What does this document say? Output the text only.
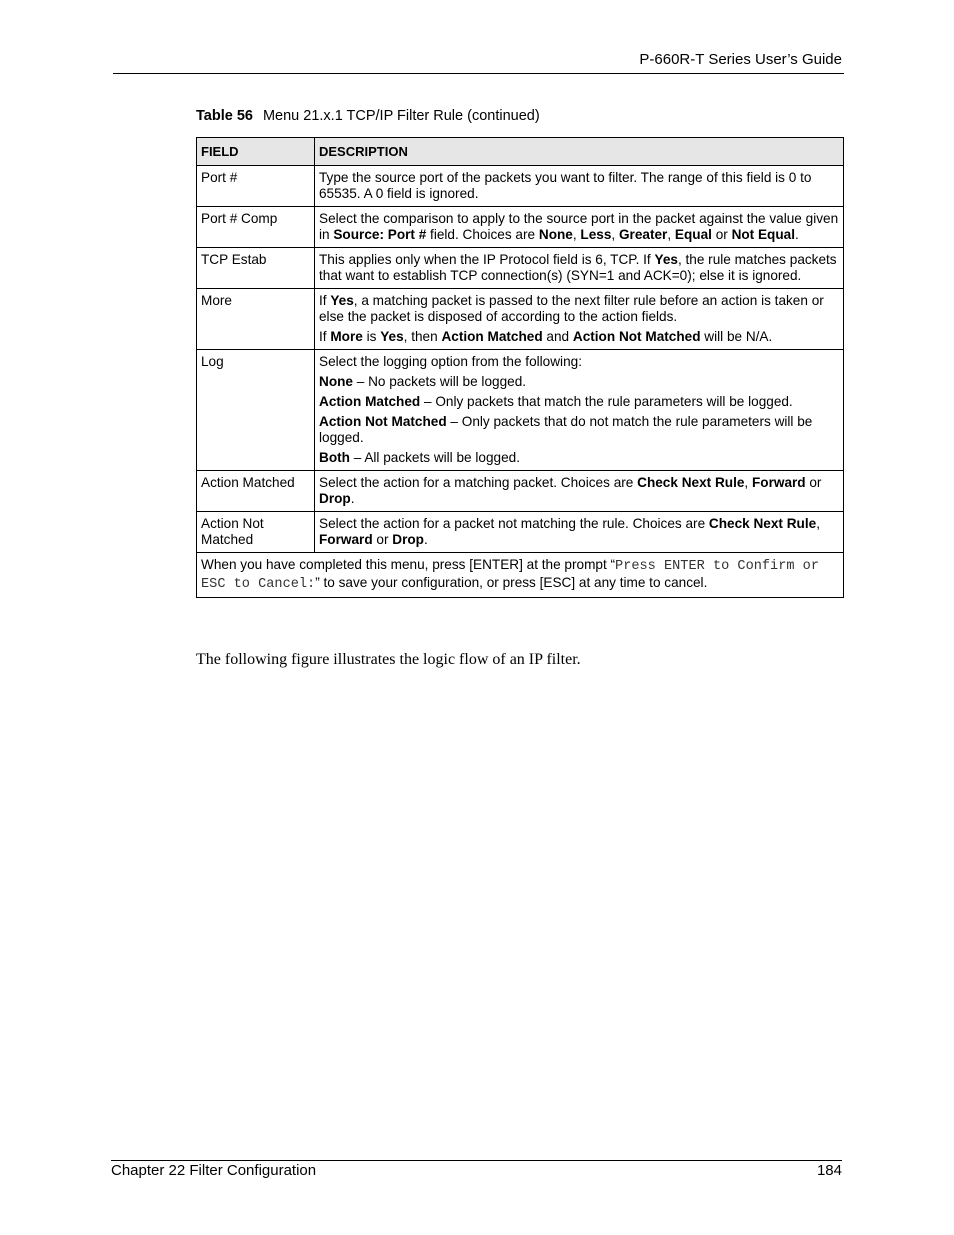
P-660R-T Series User’s Guide
Table 56 Menu 21.x.1 TCP/IP Filter Rule (continued)
FIELD	DESCRIPTION
Port #	Type the source port of the packets you want to filter. The range of this field is 0 to 65535. A 0 field is ignored.

Port # Comp	Select the comparison to apply to the source port in the packet against the value given in Source: Port # field. Choices are None, Less, Greater, Equal or Not Equal.

TCP Estab	This applies only when the IP Protocol field is 6, TCP. If Yes, the rule matches packets that want to establish TCP connection(s) (SYN=1 and ACK=0); else it is ignored.

More	If Yes, a matching packet is passed to the next filter rule before an action is taken or else the packet is disposed of according to the action fields.
If More is Yes, then Action Matched and Action Not Matched will be N/A.

Log	Select the logging option from the following:
None – No packets will be logged.
Action Matched – Only packets that match the rule parameters will be logged.
Action Not Matched – Only packets that do not match the rule parameters will be logged.
Both – All packets will be logged.

Action Matched	Select the action for a matching packet. Choices are Check Next Rule, Forward or Drop.

Action Not Matched	Select the action for a packet not matching the rule. Choices are Check Next Rule, Forward or Drop.

When you have completed this menu, press [ENTER] at the prompt “Press ENTER to Confirm or ESC to Cancel:” to save your configuration, or press [ESC] at any time to cancel.	
The following figure illustrates the logic flow of an IP filter.
Chapter 22 Filter Configuration	184
